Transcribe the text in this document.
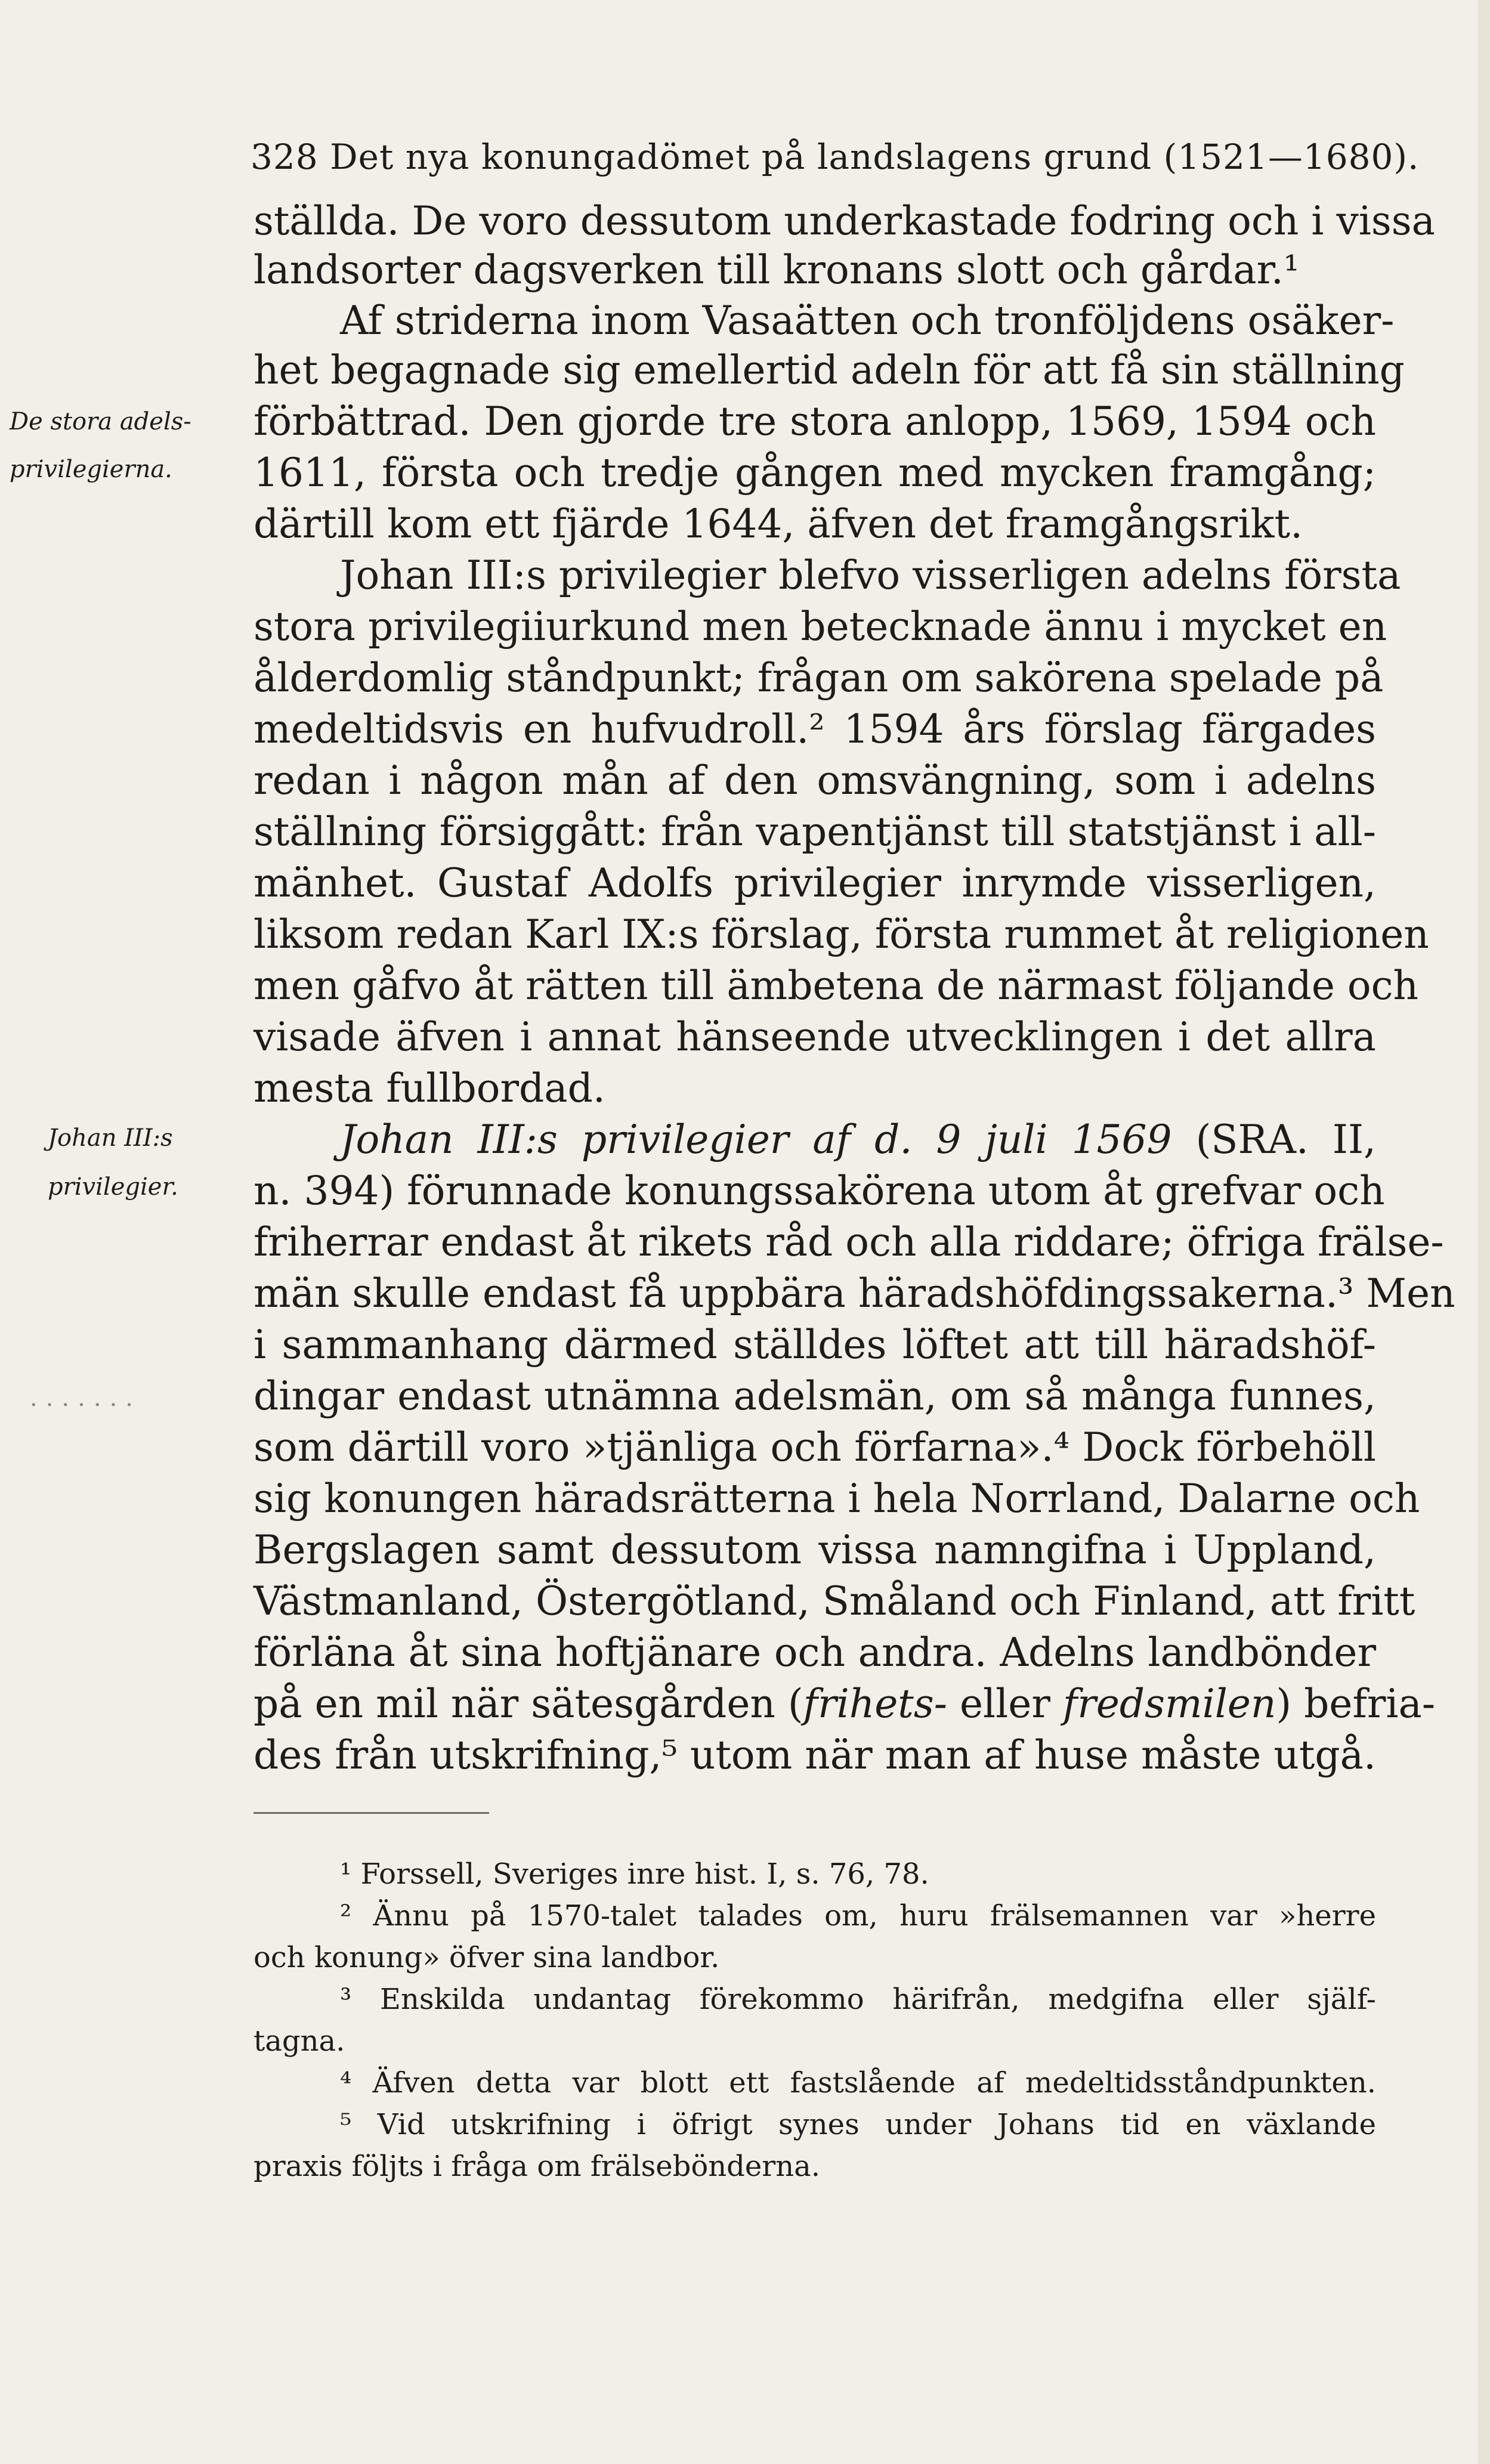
328 Det nya konungadömet på landslagens grund (1521—1680).
ställda. De voro dessutom underkastade fodring och i vissa
landsorter dagsverken till kronans slott och gårdar.¹
Af striderna inom Vasaätten och tronföljdens osäker-
het begagnade sig emellertid adeln för att få sin ställning
förbättrad. Den gjorde tre stora anlopp, 1569, 1594 och
1611, första och tredje gången med mycken framgång;
därtill kom ett fjärde 1644, äfven det framgångsrikt.
Johan III:s privilegier blefvo visserligen adelns första
stora privilegiiurkund men betecknade ännu i mycket en
ålderdomlig ståndpunkt; frågan om sakörena spelade på
medeltidsvis en hufvudroll.² 1594 års förslag färgades
redan i någon mån af den omsvängning, som i adelns
ställning försiggått: från vapentjänst till statstjänst i all-
mänhet. Gustaf Adolfs privilegier inrymde visserligen,
liksom redan Karl IX:s förslag, första rummet åt religionen
men gåfvo åt rätten till ämbetena de närmast följande och
visade äfven i annat hänseende utvecklingen i det allra
mesta fullbordad.
Johan III:s privilegier af d. 9 juli 1569 (SRA. II,
n. 394) förunnade konungssakörena utom åt grefvar och
friherrar endast åt rikets råd och alla riddare; öfriga frälse-
män skulle endast få uppbära häradshöfdingssakerna.³ Men
i sammanhang därmed ställdes löftet att till häradshöf-
dingar endast utnämna adelsmän, om så många funnes,
som därtill voro »tjänliga och förfarna».⁴ Dock förbehöll
sig konungen häradsrätterna i hela Norrland, Dalarne och
Bergslagen samt dessutom vissa namngifna i Uppland,
Västmanland, Östergötland, Småland och Finland, att fritt
förläna åt sina hoftjänare och andra. Adelns landbönder
på en mil när sätesgården (frihets- eller fredsmilen) befria-
des från utskrifning,⁵ utom när man af huse måste utgå.
De stora adels-
privilegierna.
Johan III:s
privilegier.
·······
¹ Forssell, Sveriges inre hist. I, s. 76, 78.
² Ännu på 1570-talet talades om, huru frälsemannen var »herre
och konung» öfver sina landbor.
³ Enskilda undantag förekommo härifrån, medgifna eller själf-
tagna.
⁴ Äfven detta var blott ett fastslående af medeltidsståndpunkten.
⁵ Vid utskrifning i öfrigt synes under Johans tid en växlande
praxis följts i fråga om frälsebönderna.
